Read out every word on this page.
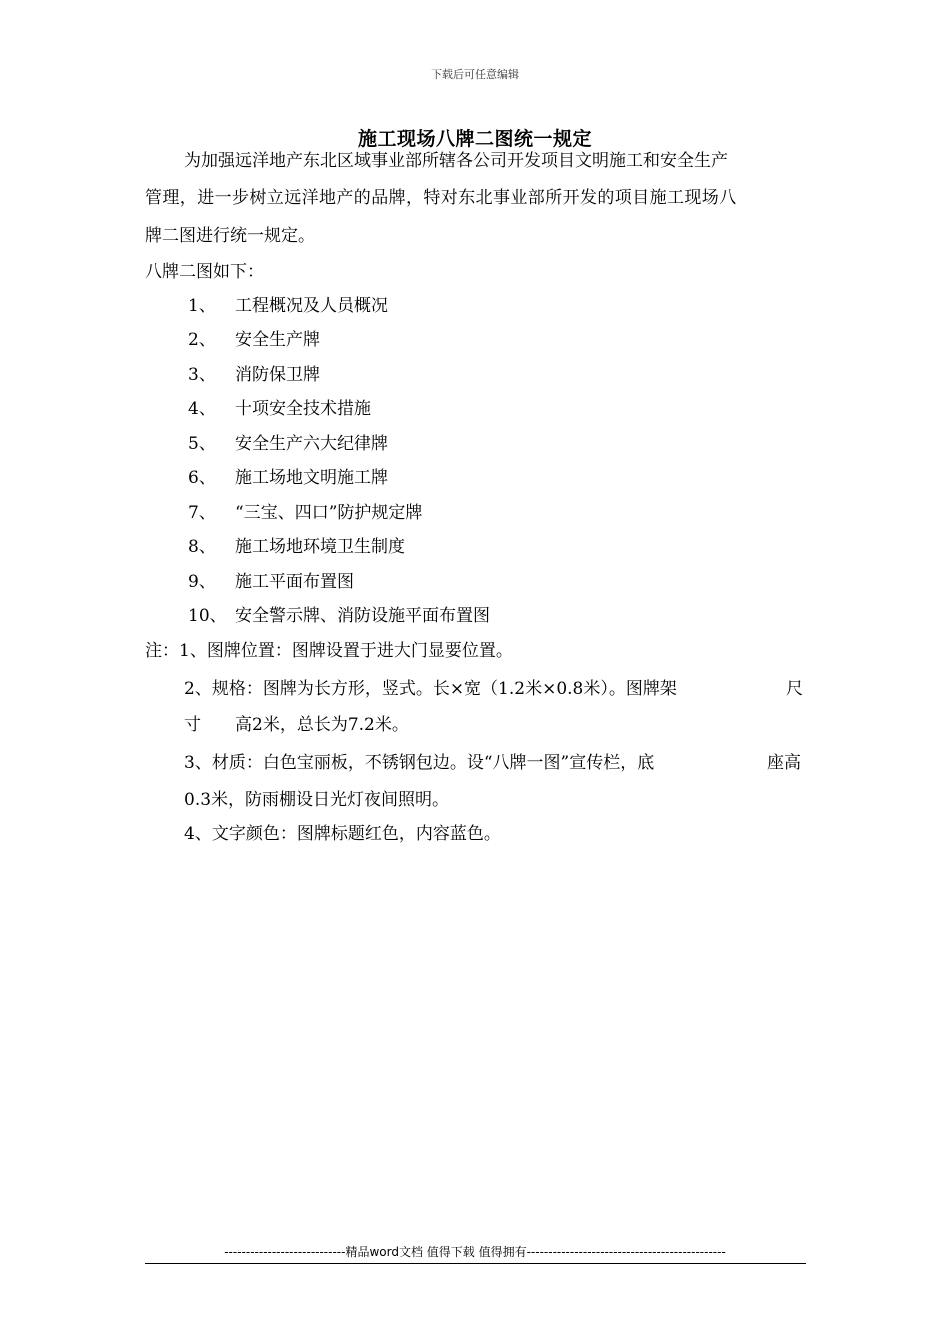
下载后可任意编辑
施工现场八牌二图统一规定
为加强远洋地产东北区域事业部所辖各公司开发项目文明施工和安全生产
管理，进一步树立远洋地产的品牌，特对东北事业部所开发的项目施工现场八
牌二图进行统一规定。
八牌二图如下：
1、 工程概况及人员概况
2、 安全生产牌
3、 消防保卫牌
4、 十项安全技术措施
5、 安全生产六大纪律牌
6、 施工场地文明施工牌
7、 “三宝、四口”防护规定牌
8、 施工场地环境卫生制度
9、 施工平面布置图
10、 安全警示牌、消防设施平面布置图
注：1、图牌位置：图牌设置于进大门显要位置。
2、规格：图牌为长方形，竖式。长×宽（1.2米×0.8米）。图牌架	尺
寸　　高2米，总长为7.2米。
3、材质：白色宝丽板，不锈钢包边。设“八牌一图”宣传栏，底	座高
0.3米，防雨棚设日光灯夜间照明。
4、文字颜色：图牌标题红色，内容蓝色。
----------------------------精品word文档 值得下载 值得拥有----------------------------------------------
